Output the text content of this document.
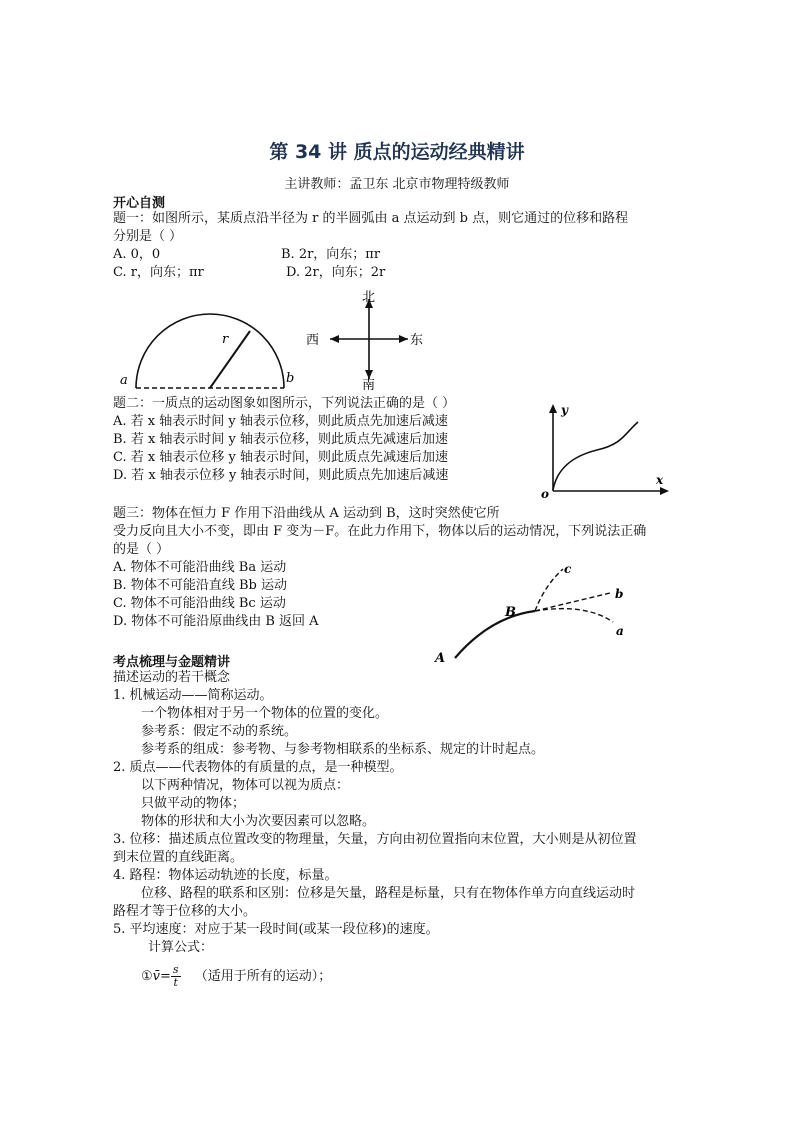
第 34 讲 质点的运动经典精讲
主讲教师：孟卫东 北京市物理特级教师
开心自测
题一：如图所示，某质点沿半径为 r 的半圆弧由 a 点运动到 b 点，则它通过的位移和路程
分别是（ ）
A. 0，0	B. 2r，向东；πr
C. r，向东；πr	D. 2r，向东；2r
a	b
r
北
南
西	东
题二：一质点的运动图象如图所示，下列说法正确的是（ ）
A. 若 x 轴表示时间 y 轴表示位移，则此质点先加速后减速
B. 若 x 轴表示时间 y 轴表示位移，则此质点先减速后加速
C. 若 x 轴表示位移 y 轴表示时间，则此质点先减速后加速
D. 若 x 轴表示位移 y 轴表示时间，则此质点先加速后减速
y
x
o
题三：物体在恒力 F 作用下沿曲线从 A 运动到 B，这时突然使它所
受力反向且大小不变，即由 F 变为－F。在此力作用下，物体以后的运动情况，下列说法正确
的是（ ）
A. 物体不可能沿曲线 Ba 运动
B. 物体不可能沿直线 Bb 运动
C. 物体不可能沿曲线 Bc 运动
D. 物体不可能沿原曲线由 B 返回 A
A
B
c
b
a
考点梳理与金题精讲
描述运动的若干概念
1. 机械运动——简称运动。
一个物体相对于另一个物体的位置的变化。
参考系：假定不动的系统。
参考系的组成：参考物、与参考物相联系的坐标系、规定的计时起点。
2. 质点——代表物体的有质量的点，是一种模型。
以下两种情况，物体可以视为质点：
只做平动的物体；
物体的形状和大小为次要因素可以忽略。
3. 位移：描述质点位置改变的物理量，矢量，方向由初位置指向末位置，大小则是从初位置
到末位置的直线距离。
4. 路程：物体运动轨迹的长度，标量。
位移、路程的联系和区别：位移是矢量，路程是标量，只有在物体作单方向直线运动时
路程才等于位移的大小。
5. 平均速度：对应于某一段时间(或某一段位移)的速度。
计算公式：
①v̄= $\frac{s}{t}$ （适用于所有的运动）；
